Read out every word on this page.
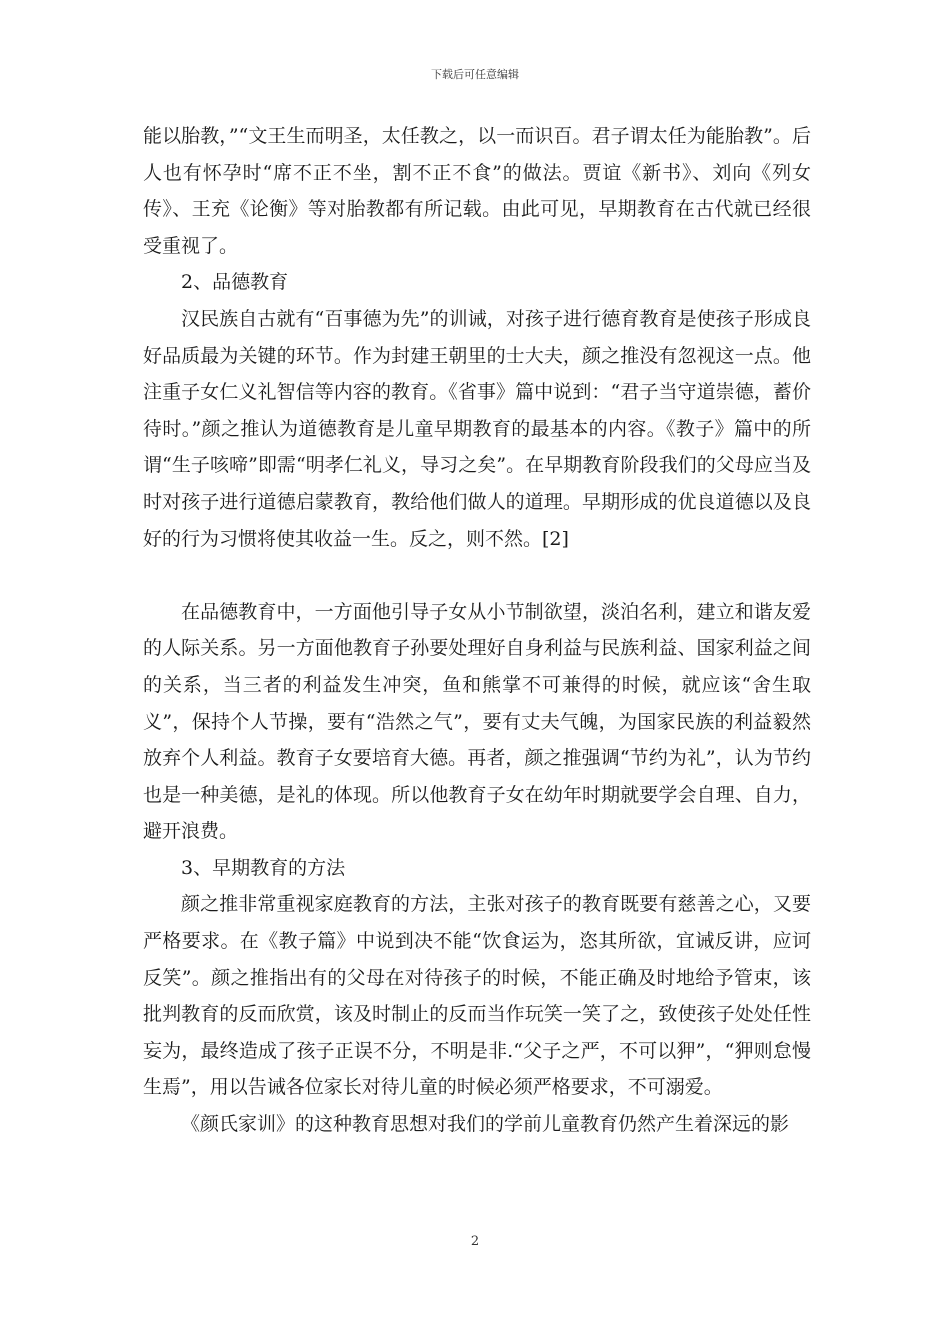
下载后可任意编辑

能以胎教，”“文王生而明圣，太任教之，以一而识百。君子谓太任为能胎教”。后人也有怀孕时“席不正不坐，割不正不食”的做法。贾谊《新书》、刘向《列女传》、王充《论衡》等对胎教都有所记载。由此可见，早期教育在古代就已经很受重视了。

2、品德教育

汉民族自古就有“百事德为先”的训诫，对孩子进行德育教育是使孩子形成良好品质最为关键的环节。作为封建王朝里的士大夫，颜之推没有忽视这一点。他注重子女仁义礼智信等内容的教育。《省事》篇中说到：“君子当守道崇德，蓄价待时。”颜之推认为道德教育是儿童早期教育的最基本的内容。《教子》篇中的所谓“生子咳啼”即需“明孝仁礼义，导习之矣”。在早期教育阶段我们的父母应当及时对孩子进行道德启蒙教育，教给他们做人的道理。早期形成的优良道德以及良好的行为习惯将使其收益一生。反之，则不然。[2]

在品德教育中，一方面他引导子女从小节制欲望，淡泊名利，建立和谐友爱的人际关系。另一方面他教育子孙要处理好自身利益与民族利益、国家利益之间的关系，当三者的利益发生冲突，鱼和熊掌不可兼得的时候，就应该“舍生取义”，保持个人节操，要有“浩然之气”，要有丈夫气魄，为国家民族的利益毅然放弃个人利益。教育子女要培育大德。再者，颜之推强调“节约为礼”，认为节约也是一种美德，是礼的体现。所以他教育子女在幼年时期就要学会自理、自力，避开浪费。

3、早期教育的方法

颜之推非常重视家庭教育的方法，主张对孩子的教育既要有慈善之心，又要严格要求。在《教子篇》中说到决不能“饮食运为，恣其所欲，宜诫反讲，应诃反笑”。颜之推指出有的父母在对待孩子的时候，不能正确及时地给予管束，该批判教育的反而欣赏，该及时制止的反而当作玩笑一笑了之，致使孩子处处任性妄为，最终造成了孩子正误不分，不明是非.“父子之严，不可以狎”，“狎则怠慢生焉”，用以告诫各位家长对待儿童的时候必须严格要求，不可溺爱。

《颜氏家训》的这种教育思想对我们的学前儿童教育仍然产生着深远的影

2
